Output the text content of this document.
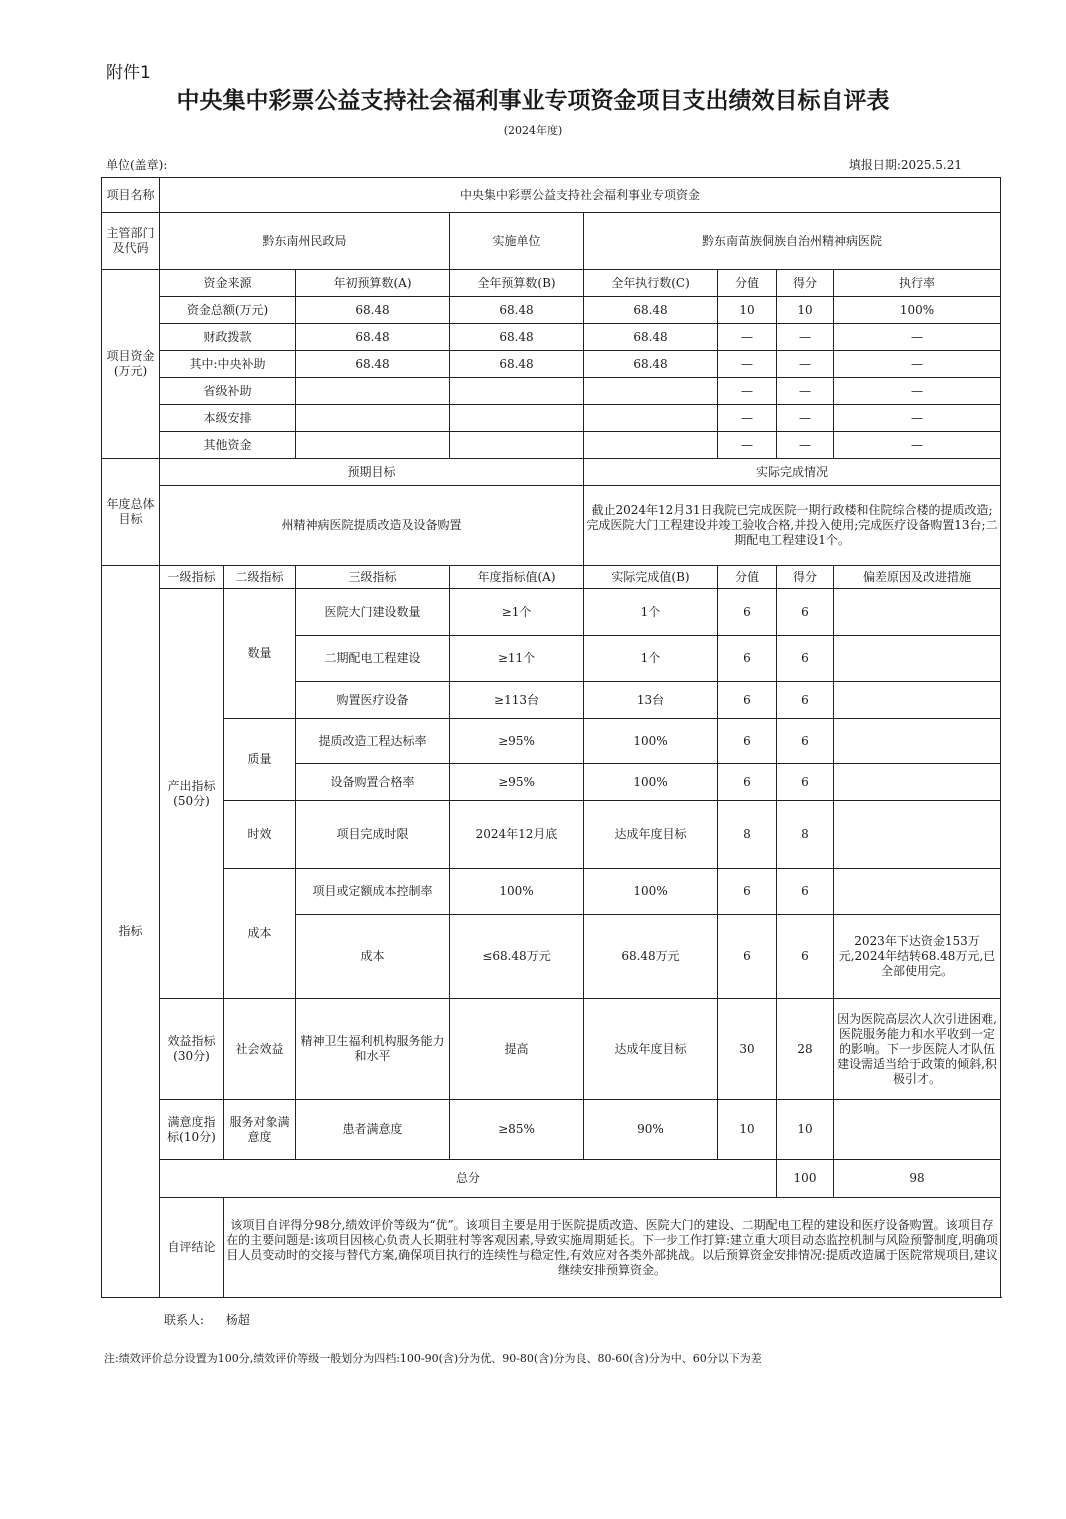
附件1
中央集中彩票公益支持社会福利事业专项资金项目支出绩效目标自评表
(2024年度)
单位(盖章):	填报日期:2025.5.21
项目名称	中央集中彩票公益支持社会福利事业专项资金								
主管部门及代码	黔东南州民政局			实施单位	黔东南苗族侗族自治州精神病医院				
项目资金(万元)	资金来源		年初预算数(A)	全年预算数(B)	全年执行数(C)	分值	得分	执行率	
	资金总额(万元)		68.48	68.48	68.48	10	10	100%	
	财政拨款		68.48	68.48	68.48	—	—	—	
	其中:中央补助		68.48	68.48	68.48	—	—	—	
	省级补助					—	—	—	
	本级安排					—	—	—	
	其他资金					—	—	—	
年度总体目标	预期目标				实际完成情况				
	州精神病医院提质改造及设备购置				截止2024年12月31日我院已完成医院一期行政楼和住院综合楼的提质改造;完成医院大门工程建设并竣工验收合格,并投入使用;完成医疗设备购置13台;二期配电工程建设1个。				
指标	一级指标	二级指标	三级指标	年度指标值(A)	实际完成值(B)	分值	得分	偏差原因及改进措施	
	产出指标(50分)	数量	医院大门建设数量	≥1个	1个	6	6		
			二期配电工程建设	≥11个	1个	6	6		
			购置医疗设备	≥113台	13台	6	6		
		质量	提质改造工程达标率	≥95%	100%	6	6		
			设备购置合格率	≥95%	100%	6	6		
		时效	项目完成时限	2024年12月底	达成年度目标	8	8		
		成本	项目或定额成本控制率	100%	100%	6	6		
			成本	≤68.48万元	68.48万元	6	6	2023年下达资金153万元,2024年结转68.48万元,已全部使用完。	
	效益指标(30分)	社会效益	精神卫生福利机构服务能力和水平	提高	达成年度目标	30	28	因为医院高层次人次引进困难,医院服务能力和水平收到一定的影响。下一步医院人才队伍建设需适当给于政策的倾斜,积极引才。	
	满意度指标(10分)	服务对象满意度	患者满意度	≥85%	90%	10	10		
	总分						100	98	
	自评结论	该项目自评得分98分,绩效评价等级为“优”。该项目主要是用于医院提质改造、医院大门的建设、二期配电工程的建设和医疗设备购置。该项目存在的主要问题是:该项目因核心负责人长期驻村等客观因素,导致实施周期延长。下一步工作打算:建立重大项目动态监控机制与风险预警制度,明确项目人员变动时的交接与替代方案,确保项目执行的连续性与稳定性,有效应对各类外部挑战。以后预算资金安排情况:提质改造属于医院常规项目,建议继续安排预算资金。							
联系人: 杨超
注:绩效评价总分设置为100分,绩效评价等级一般划分为四档:100-90(含)分为优、90-80(含)分为良、80-60(含)分为中、60分以下为差
